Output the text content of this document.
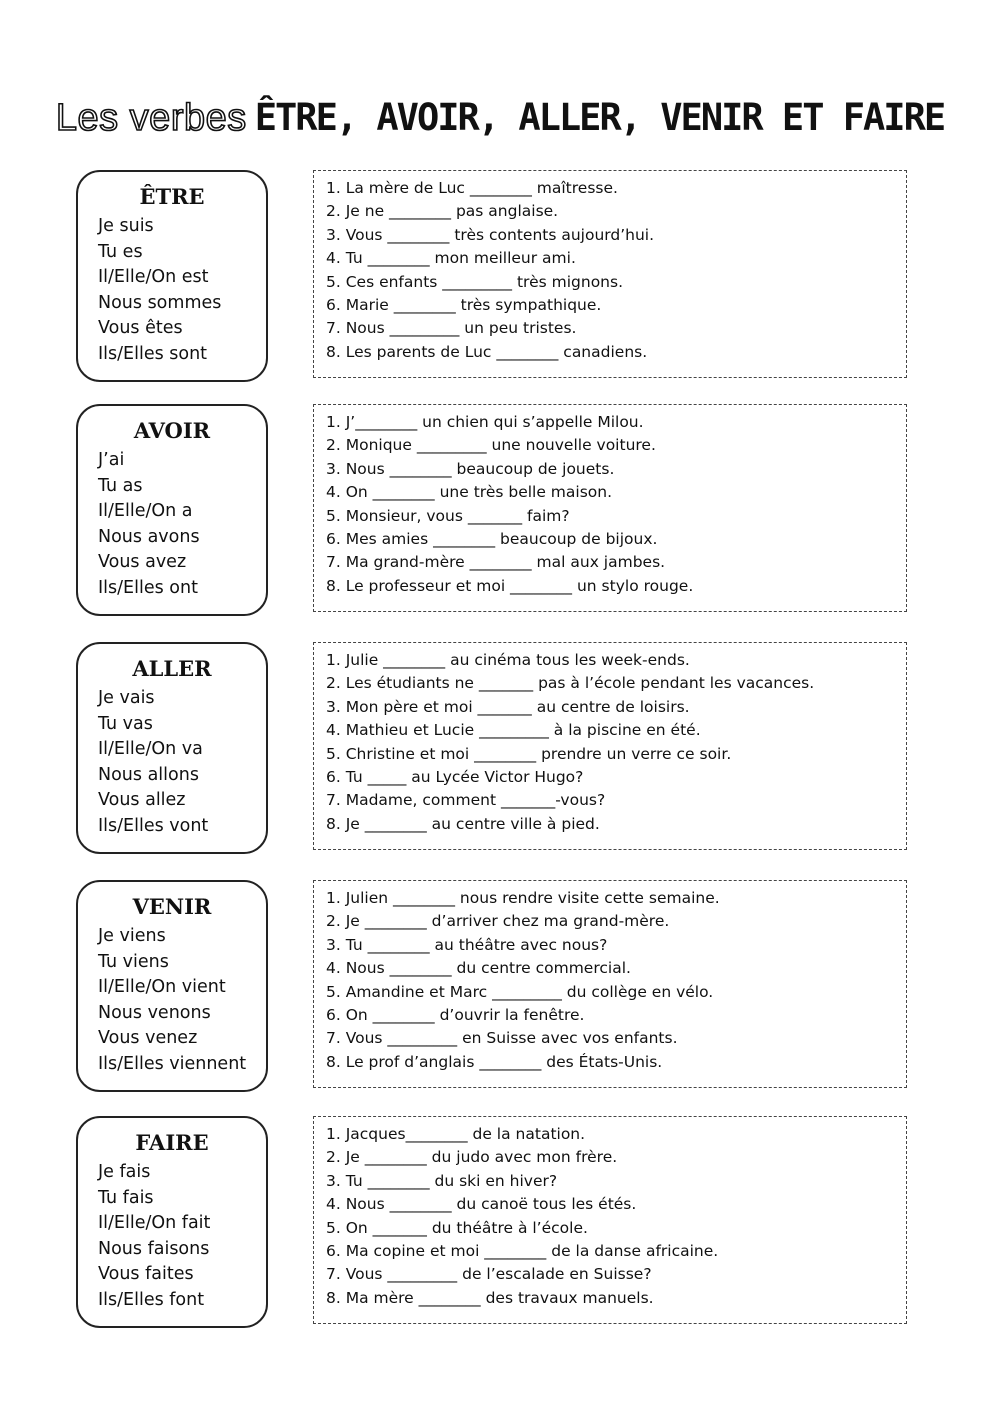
Les verbes ÊTRE, AVOIR, ALLER, VENIR ET FAIRE
ÊTRE
Je suis
Tu es
Il/Elle/On est
Nous sommes
Vous êtes
Ils/Elles sont
1. La mère de Luc ________ maîtresse.
2. Je ne ________ pas anglaise.
3. Vous ________ très contents aujourd’hui.
4. Tu ________ mon meilleur ami.
5. Ces enfants _________ très mignons.
6. Marie ________ très sympathique.
7. Nous _________ un peu tristes.
8. Les parents de Luc ________ canadiens.
AVOIR
J’ai
Tu as
Il/Elle/On a
Nous avons
Vous avez
Ils/Elles ont
1. J’________ un chien qui s’appelle Milou.
2. Monique _________ une nouvelle voiture.
3. Nous ________ beaucoup de jouets.
4. On ________ une très belle maison.
5. Monsieur, vous _______ faim?
6. Mes amies ________ beaucoup de bijoux.
7. Ma grand-mère ________ mal aux jambes.
8. Le professeur et moi ________ un stylo rouge.
ALLER
Je vais
Tu vas
Il/Elle/On va
Nous allons
Vous allez
Ils/Elles vont
1. Julie ________ au cinéma tous les week-ends.
2. Les étudiants ne _______ pas à l’école pendant les vacances.
3. Mon père et moi _______ au centre de loisirs.
4. Mathieu et Lucie _________ à la piscine en été.
5. Christine et moi ________ prendre un verre ce soir.
6. Tu _____ au Lycée Victor Hugo?
7. Madame, comment _______-vous?
8. Je ________ au centre ville à pied.
VENIR
Je viens
Tu viens
Il/Elle/On vient
Nous venons
Vous venez
Ils/Elles viennent
1. Julien ________ nous rendre visite cette semaine.
2. Je ________ d’arriver chez ma grand-mère.
3. Tu ________ au théâtre avec nous?
4. Nous ________ du centre commercial.
5. Amandine et Marc _________ du collège en vélo.
6. On ________ d’ouvrir la fenêtre.
7. Vous _________ en Suisse avec vos enfants.
8. Le prof d’anglais ________ des États-Unis.
FAIRE
Je fais
Tu fais
Il/Elle/On fait
Nous faisons
Vous faites
Ils/Elles font
1. Jacques________ de la natation.
2. Je ________ du judo avec mon frère.
3. Tu ________ du ski en hiver?
4. Nous ________ du canoë tous les étés.
5. On _______ du théâtre à l’école.
6. Ma copine et moi ________ de la danse africaine.
7. Vous _________ de l’escalade en Suisse?
8. Ma mère ________ des travaux manuels.
